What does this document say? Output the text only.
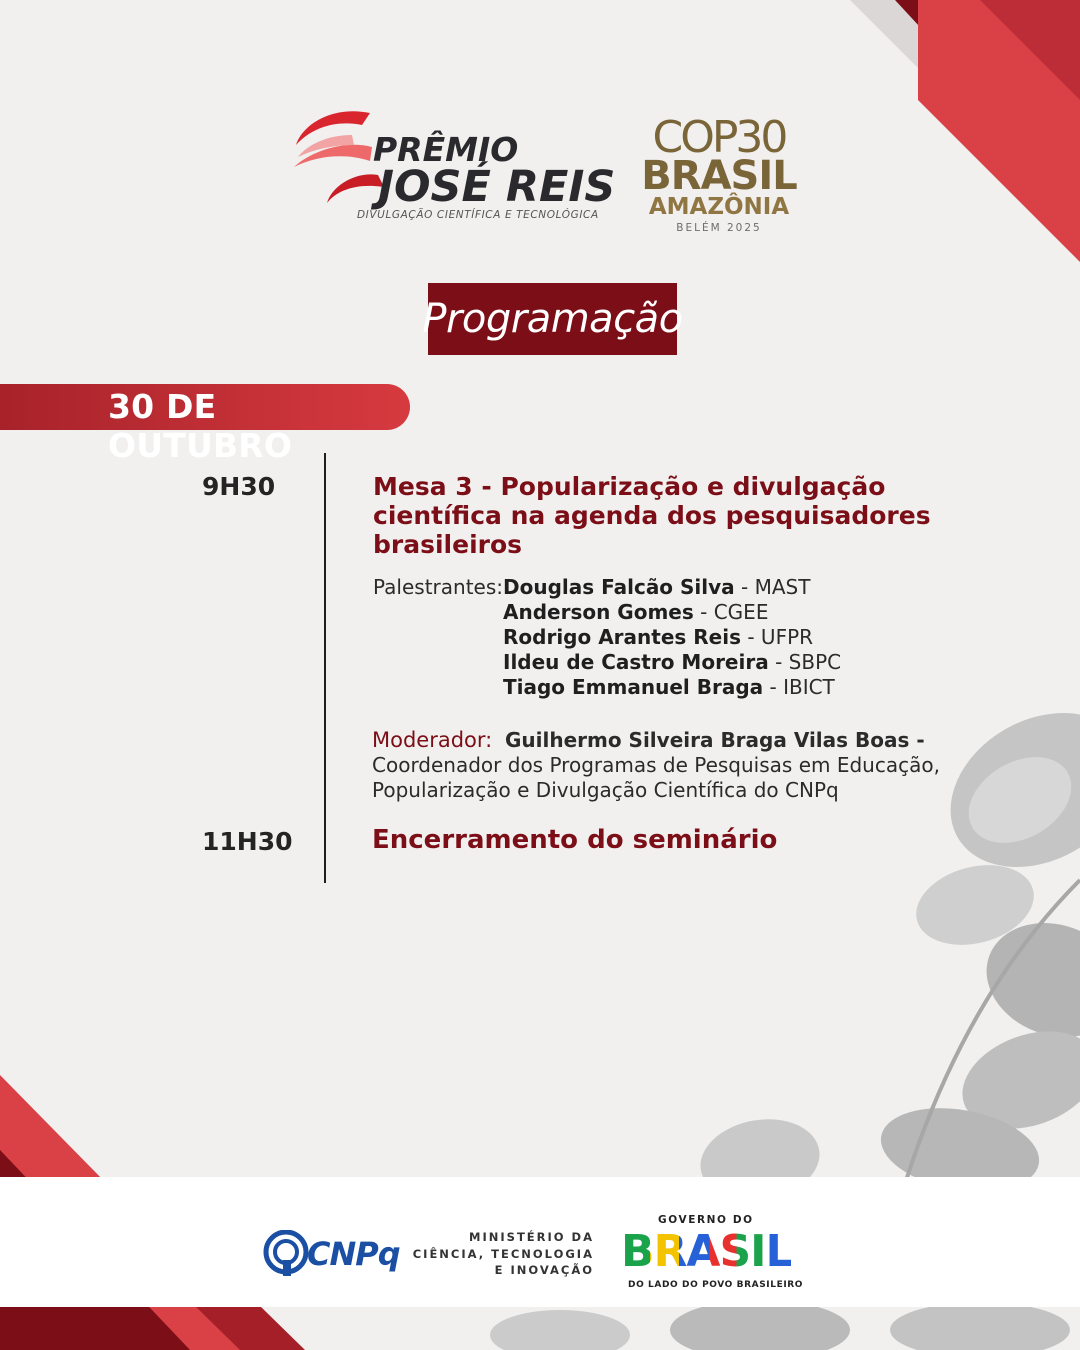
PRÊMIO
JOSÉ REIS
DIVULGAÇÃO CIENTÍFICA E TECNOLÓGICA
COP30
BRASIL
AMAZÔNIA
BELÉM 2025
Programação
30 DE OUTUBRO
9H30	Mesa 3 - Popularização e divulgação
científica na agenda dos pesquisadores
brasileiros
Palestrantes: Douglas Falcão Silva - MAST
Anderson Gomes - CGEE
Rodrigo Arantes Reis - UFPR
Ildeu de Castro Moreira - SBPC
Tiago Emmanuel Braga - IBICT
Moderador: Guilhermo Silveira Braga Vilas Boas -
Coordenador dos Programas de Pesquisas em Educação,
Popularização e Divulgação Científica do CNPq
11H30	Encerramento do seminário
CNPq	MINISTÉRIO DA
CIÊNCIA, TECNOLOGIA
E INOVAÇÃO
GOVERNO DO
BRASIL
DO LADO DO POVO BRASILEIRO
